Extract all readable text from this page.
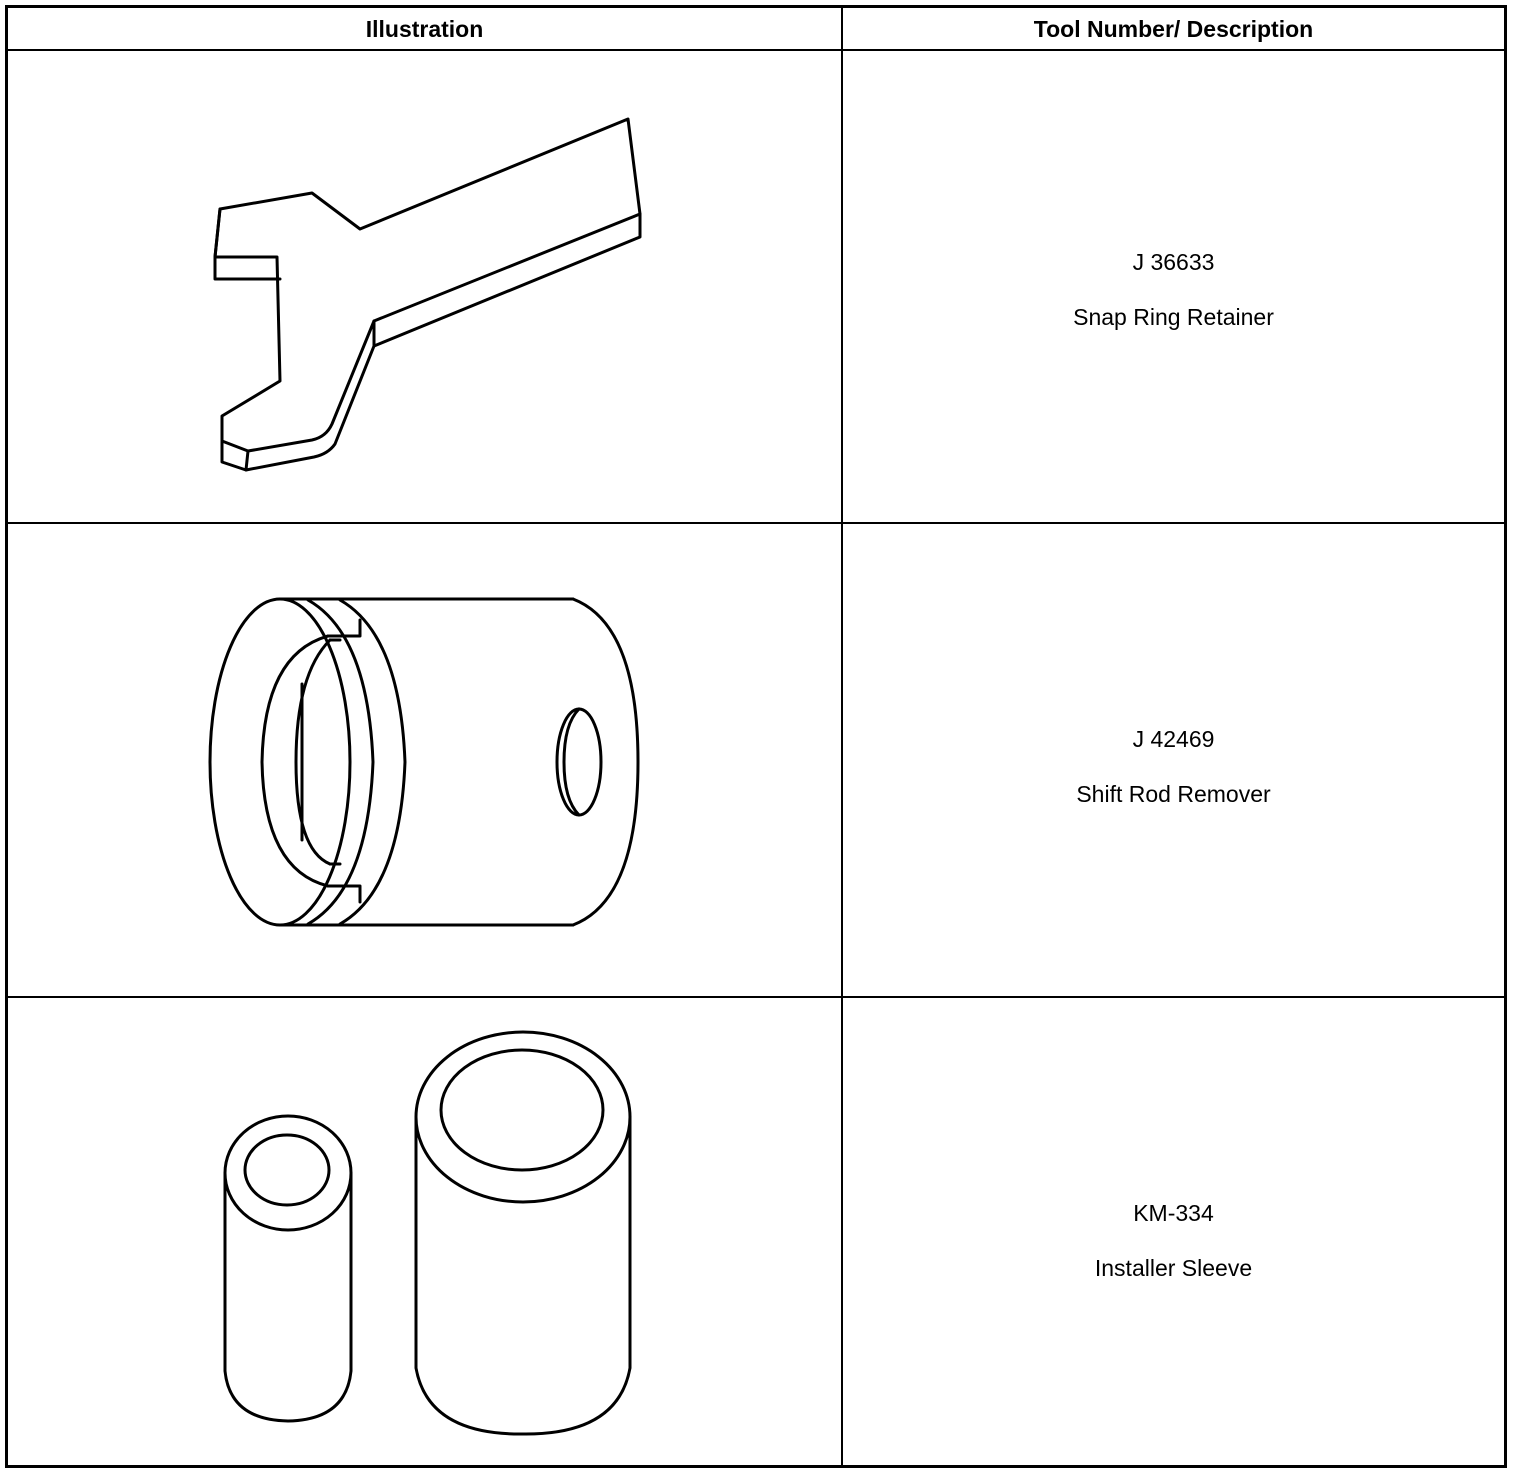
Illustration	Tool Number/ Description
J 36633
Snap Ring Retainer
J 42469
Shift Rod Remover
KM-334
Installer Sleeve
